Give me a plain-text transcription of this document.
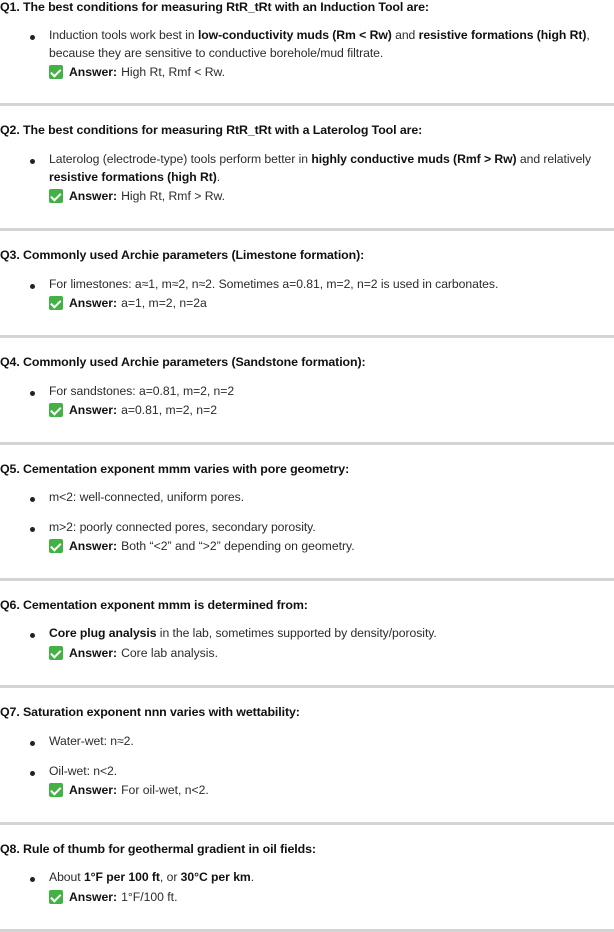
Q1. The best conditions for measuring RtR_tRt with an Induction Tool are:
Induction tools work best in low-conductivity muds (Rm < Rw) and resistive formations (high Rt),
because they are sensitive to conductive borehole/mud filtrate.
Answer: High Rt, Rmf < Rw.
Q2. The best conditions for measuring RtR_tRt with a Laterolog Tool are:
Laterolog (electrode-type) tools perform better in highly conductive muds (Rmf > Rw) and relatively
resistive formations (high Rt).
Answer: High Rt, Rmf > Rw.
Q3. Commonly used Archie parameters (Limestone formation):
For limestones: a≈1, m≈2, n≈2. Sometimes a=0.81, m=2, n=2 is used in carbonates.
Answer: a=1, m=2, n=2a
Q4. Commonly used Archie parameters (Sandstone formation):
For sandstones: a=0.81, m=2, n=2
Answer: a=0.81, m=2, n=2
Q5. Cementation exponent mmm varies with pore geometry:
m<2: well-connected, uniform pores.
m>2: poorly connected pores, secondary porosity.
Answer: Both “<2” and “>2” depending on geometry.
Q6. Cementation exponent mmm is determined from:
Core plug analysis in the lab, sometimes supported by density/porosity.
Answer: Core lab analysis.
Q7. Saturation exponent nnn varies with wettability:
Water-wet: n≈2.
Oil-wet: n<2.
Answer: For oil-wet, n<2.
Q8. Rule of thumb for geothermal gradient in oil fields:
About 1°F per 100 ft, or 30°C per km.
Answer: 1°F/100 ft.
